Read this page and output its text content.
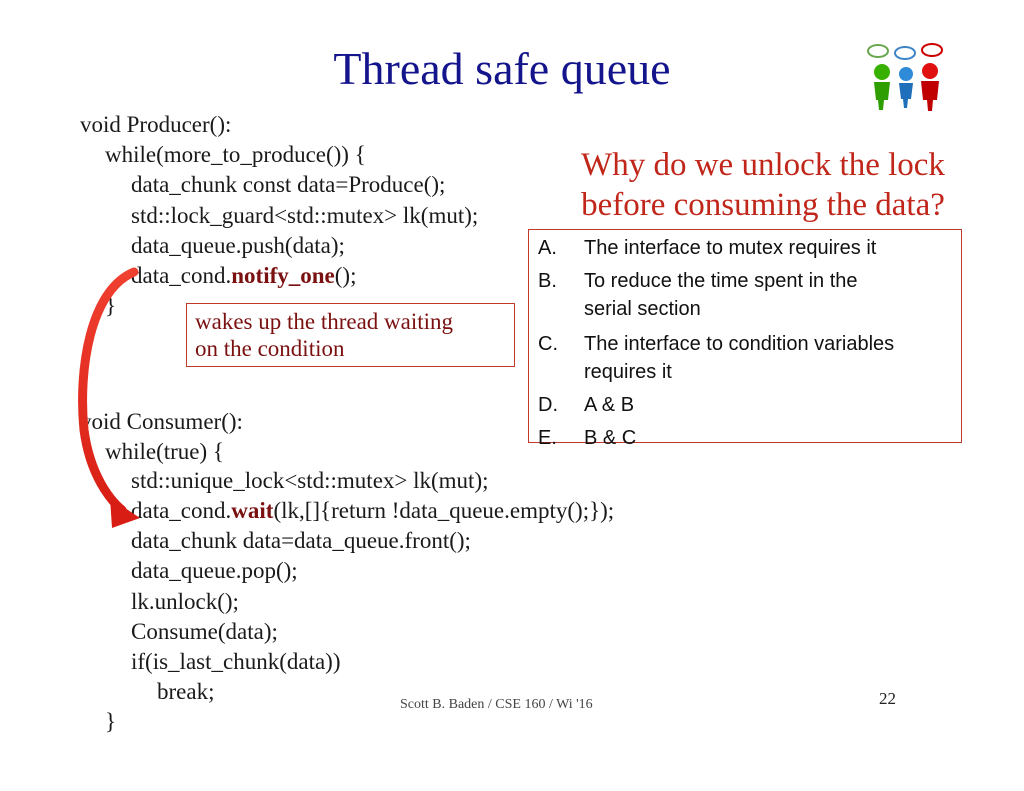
Thread safe queue
void Producer():
while(more_to_produce()) {
data_chunk const data=Produce();
std::lock_guard<std::mutex> lk(mut);
data_queue.push(data);
data_cond.notify_one();
}
wakes up the thread waiting
on the condition
void Consumer():
while(true) {
std::unique_lock<std::mutex> lk(mut);
data_cond.wait(lk,[]{return !data_queue.empty();});
data_chunk data=data_queue.front();
data_queue.pop();
lk.unlock();
Consume(data);
if(is_last_chunk(data))
break;
}
Why do we unlock the lock
before consuming the data?
A. The interface to mutex requires it
B. To reduce the time spent in the
serial section
C. The interface to condition variables
requires it
D. A & B
E. B & C
Scott B. Baden / CSE 160 / Wi '16	22
